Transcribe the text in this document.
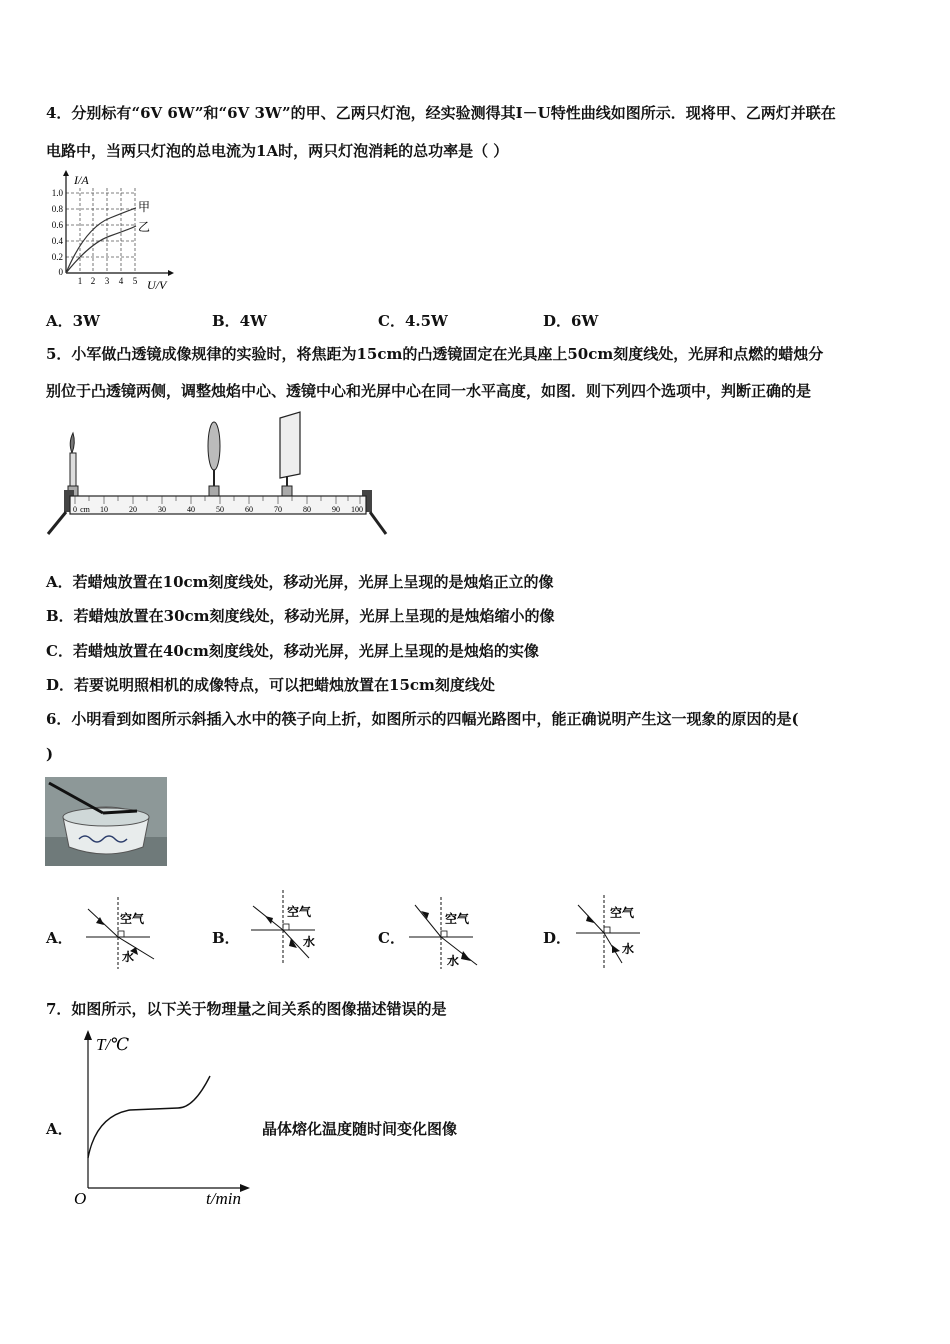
4．分别标有“6V 6W”和“6V 3W”的甲、乙两只灯泡，经实验测得其I－U特性曲线如图所示．现将甲、乙两灯并联在
电路中，当两只灯泡的总电流为1A时，两只灯泡消耗的总功率是（ ）
I/A
U/V
1.0
0.8
0.6
0.4
0.2
0
1 2 3 4 5
甲
乙
A．3W	B．4W	C．4.5W	D．6W
5．小军做凸透镜成像规律的实验时，将焦距为15cm的凸透镜固定在光具座上50cm刻度线处，光屏和点燃的蜡烛分
别位于凸透镜两侧，调整烛焰中心、透镜中心和光屏中心在同一水平高度，如图．则下列四个选项中，判断正确的是
0 cm 10	20	30	40	50	60	70	80	90 100
A．若蜡烛放置在10cm刻度线处，移动光屏，光屏上呈现的是烛焰正立的像
B．若蜡烛放置在30cm刻度线处，移动光屏，光屏上呈现的是烛焰缩小的像
C．若蜡烛放置在40cm刻度线处，移动光屏，光屏上呈现的是烛焰的实像
D．若要说明照相机的成像特点，可以把蜡烛放置在15cm刻度线处
6．小明看到如图所示斜插入水中的筷子向上折，如图所示的四幅光路图中，能正确说明产生这一现象的原因的是(
)
A．
空气
水
B．
空气
水	C．
空气
水
D．
空气
水
7．如图所示，以下关于物理量之间关系的图像描述错误的是
A．
T/℃
t/min
O
晶体熔化温度随时间变化图像
